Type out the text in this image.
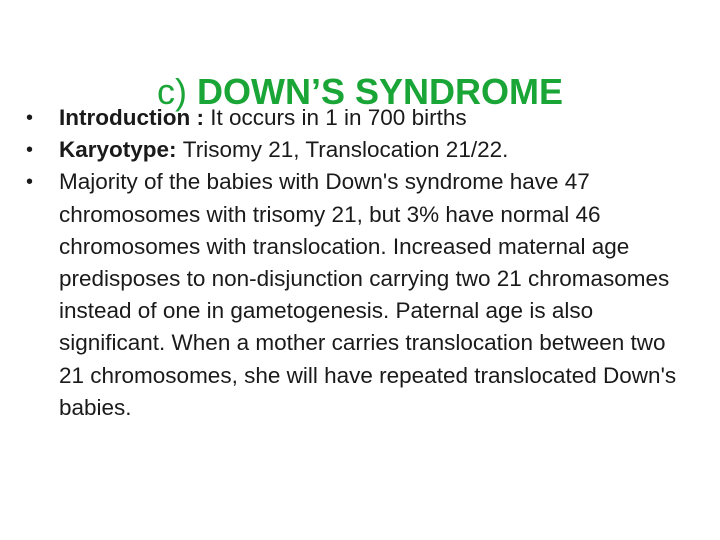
c) DOWN’S SYNDROME
•	Introduction : It occurs in 1 in 700 births
•	Karyotype: Trisomy 21, Translocation 21/22.
•	Majority of the babies with Down's syndrome have 47 chromosomes with trisomy 21, but 3% have normal 46 chromosomes with translocation. Increased maternal age predisposes to non-disjunction carrying two 21 chromasomes instead of one in gametogenesis. Paternal age is also significant. When a mother carries translocation between two 21 chromosomes, she will have repeated translocated Down's babies.
